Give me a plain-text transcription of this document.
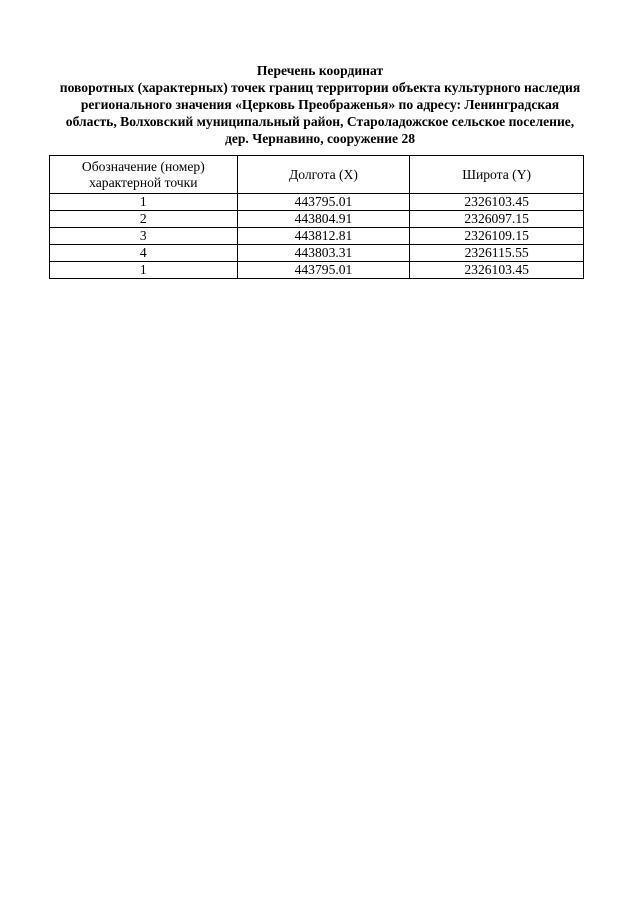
Перечень координат
поворотных (характерных) точек границ территории объекта культурного наследия
регионального значения «Церковь Преображенья» по адресу: Ленинградская
область, Волховский муниципальный район, Староладожское сельское поселение,
дер. Чернавино, сооружение 28
Обозначение (номер)
характерной точки	Долгота (X)	Широта (Y)
1	443795.01	2326103.45
2	443804.91	2326097.15
3	443812.81	2326109.15
4	443803.31	2326115.55
1	443795.01	2326103.45
